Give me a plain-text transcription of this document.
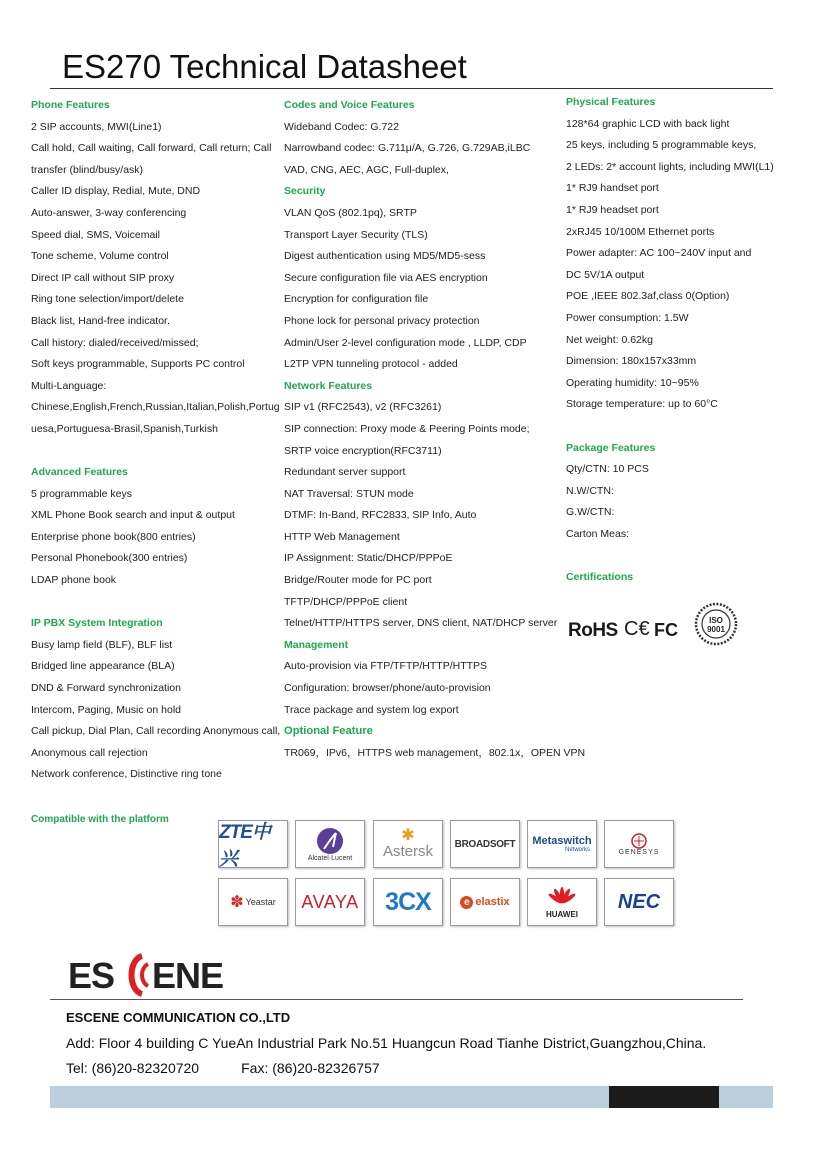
ES270 Technical Datasheet
Phone Features
2 SIP accounts, MWI(Line1)
Call hold, Call waiting, Call forward, Call return; Call
transfer (blind/busy/ask)
Caller ID display, Redial, Mute, DND
Auto-answer, 3-way conferencing
Speed dial, SMS, Voicemail
Tone scheme, Volume control
Direct IP call without SIP proxy
Ring tone selection/import/delete
Black list, Hand-free indicator.
Call history: dialed/received/missed;
Soft keys programmable, Supports PC control
Multi-Language:
Chinese,English,French,Russian,Italian,Polish,Portug
uesa,Portuguesa-Brasil,Spanish,Turkish
Advanced Features
5 programmable keys
XML Phone Book search and input & output
Enterprise phone book(800 entries)
Personal Phonebook(300 entries)
LDAP phone book
IP PBX System Integration
Busy lamp field (BLF), BLF list
Bridged line appearance (BLA)
DND & Forward synchronization
Intercom, Paging, Music on hold
Call pickup, Dial Plan, Call recording Anonymous call,
Anonymous call rejection
Network conference, Distinctive ring tone
Codes and Voice Features
Wideband Codec: G.722
Narrowband codec: G.711μ/A, G.726, G.729AB,iLBC
VAD, CNG, AEC, AGC, Full-duplex,
Security
VLAN QoS (802.1pq), SRTP
Transport Layer Security (TLS)
Digest authentication using MD5/MD5-sess
Secure configuration file via AES encryption
Encryption for configuration file
Phone lock for personal privacy protection
Admin/User 2-level configuration mode , LLDP, CDP
L2TP VPN tunneling protocol - added
Network Features
SIP v1 (RFC2543), v2 (RFC3261)
SIP connection: Proxy mode & Peering Points mode;
SRTP voice encryption(RFC3711)
Redundant server support
NAT Traversal: STUN mode
DTMF: In-Band, RFC2833, SIP Info, Auto
HTTP Web Management
IP Assignment: Static/DHCP/PPPoE
Bridge/Router mode for PC port
TFTP/DHCP/PPPoE client
Telnet/HTTP/HTTPS server, DNS client, NAT/DHCP server
Management
Auto-provision via FTP/TFTP/HTTP/HTTPS
Configuration: browser/phone/auto-provision
Trace package and system log export
Optional Feature
TR069，IPv6，HTTPS web management，802.1x，OPEN VPN
Physical Features
128*64 graphic LCD with back light
25 keys, including 5 programmable keys,
2 LEDs: 2* account lights, including MWI(L1)
1* RJ9 handset port
1* RJ9 headset port
2xRJ45 10/100M Ethernet ports
Power adapter: AC 100~240V input and
DC 5V/1A output
POE ,IEEE 802.3af,class 0(Option)
Power consumption: 1.5W
Net weight: 0.62kg
Dimension: 180x157x33mm
Operating humidity: 10~95%
Storage temperature: up to 60°C
Package Features
Qty/CTN: 10 PCS
N.W/CTN:
G.W/CTN:
Carton Meas:
Certifications
RoHS C€ FC	ISO
9001
Compatible with the platform
ZTE中兴	Alcatel·Lucent
✱
Astersk BROADSOFT Metaswitch
Networks	GENESYS
✽ Yeastar AVAYA 3CX	e elastix
HUAWEI
NEC
ES ENE
ESCENE COMMUNICATION CO.,LTD
Add: Floor 4 building C YueAn Industrial Park No.51 Huangcun Road Tianhe District,Guangzhou,China.
Tel: (86)20-82320720	Fax: (86)20-82326757
